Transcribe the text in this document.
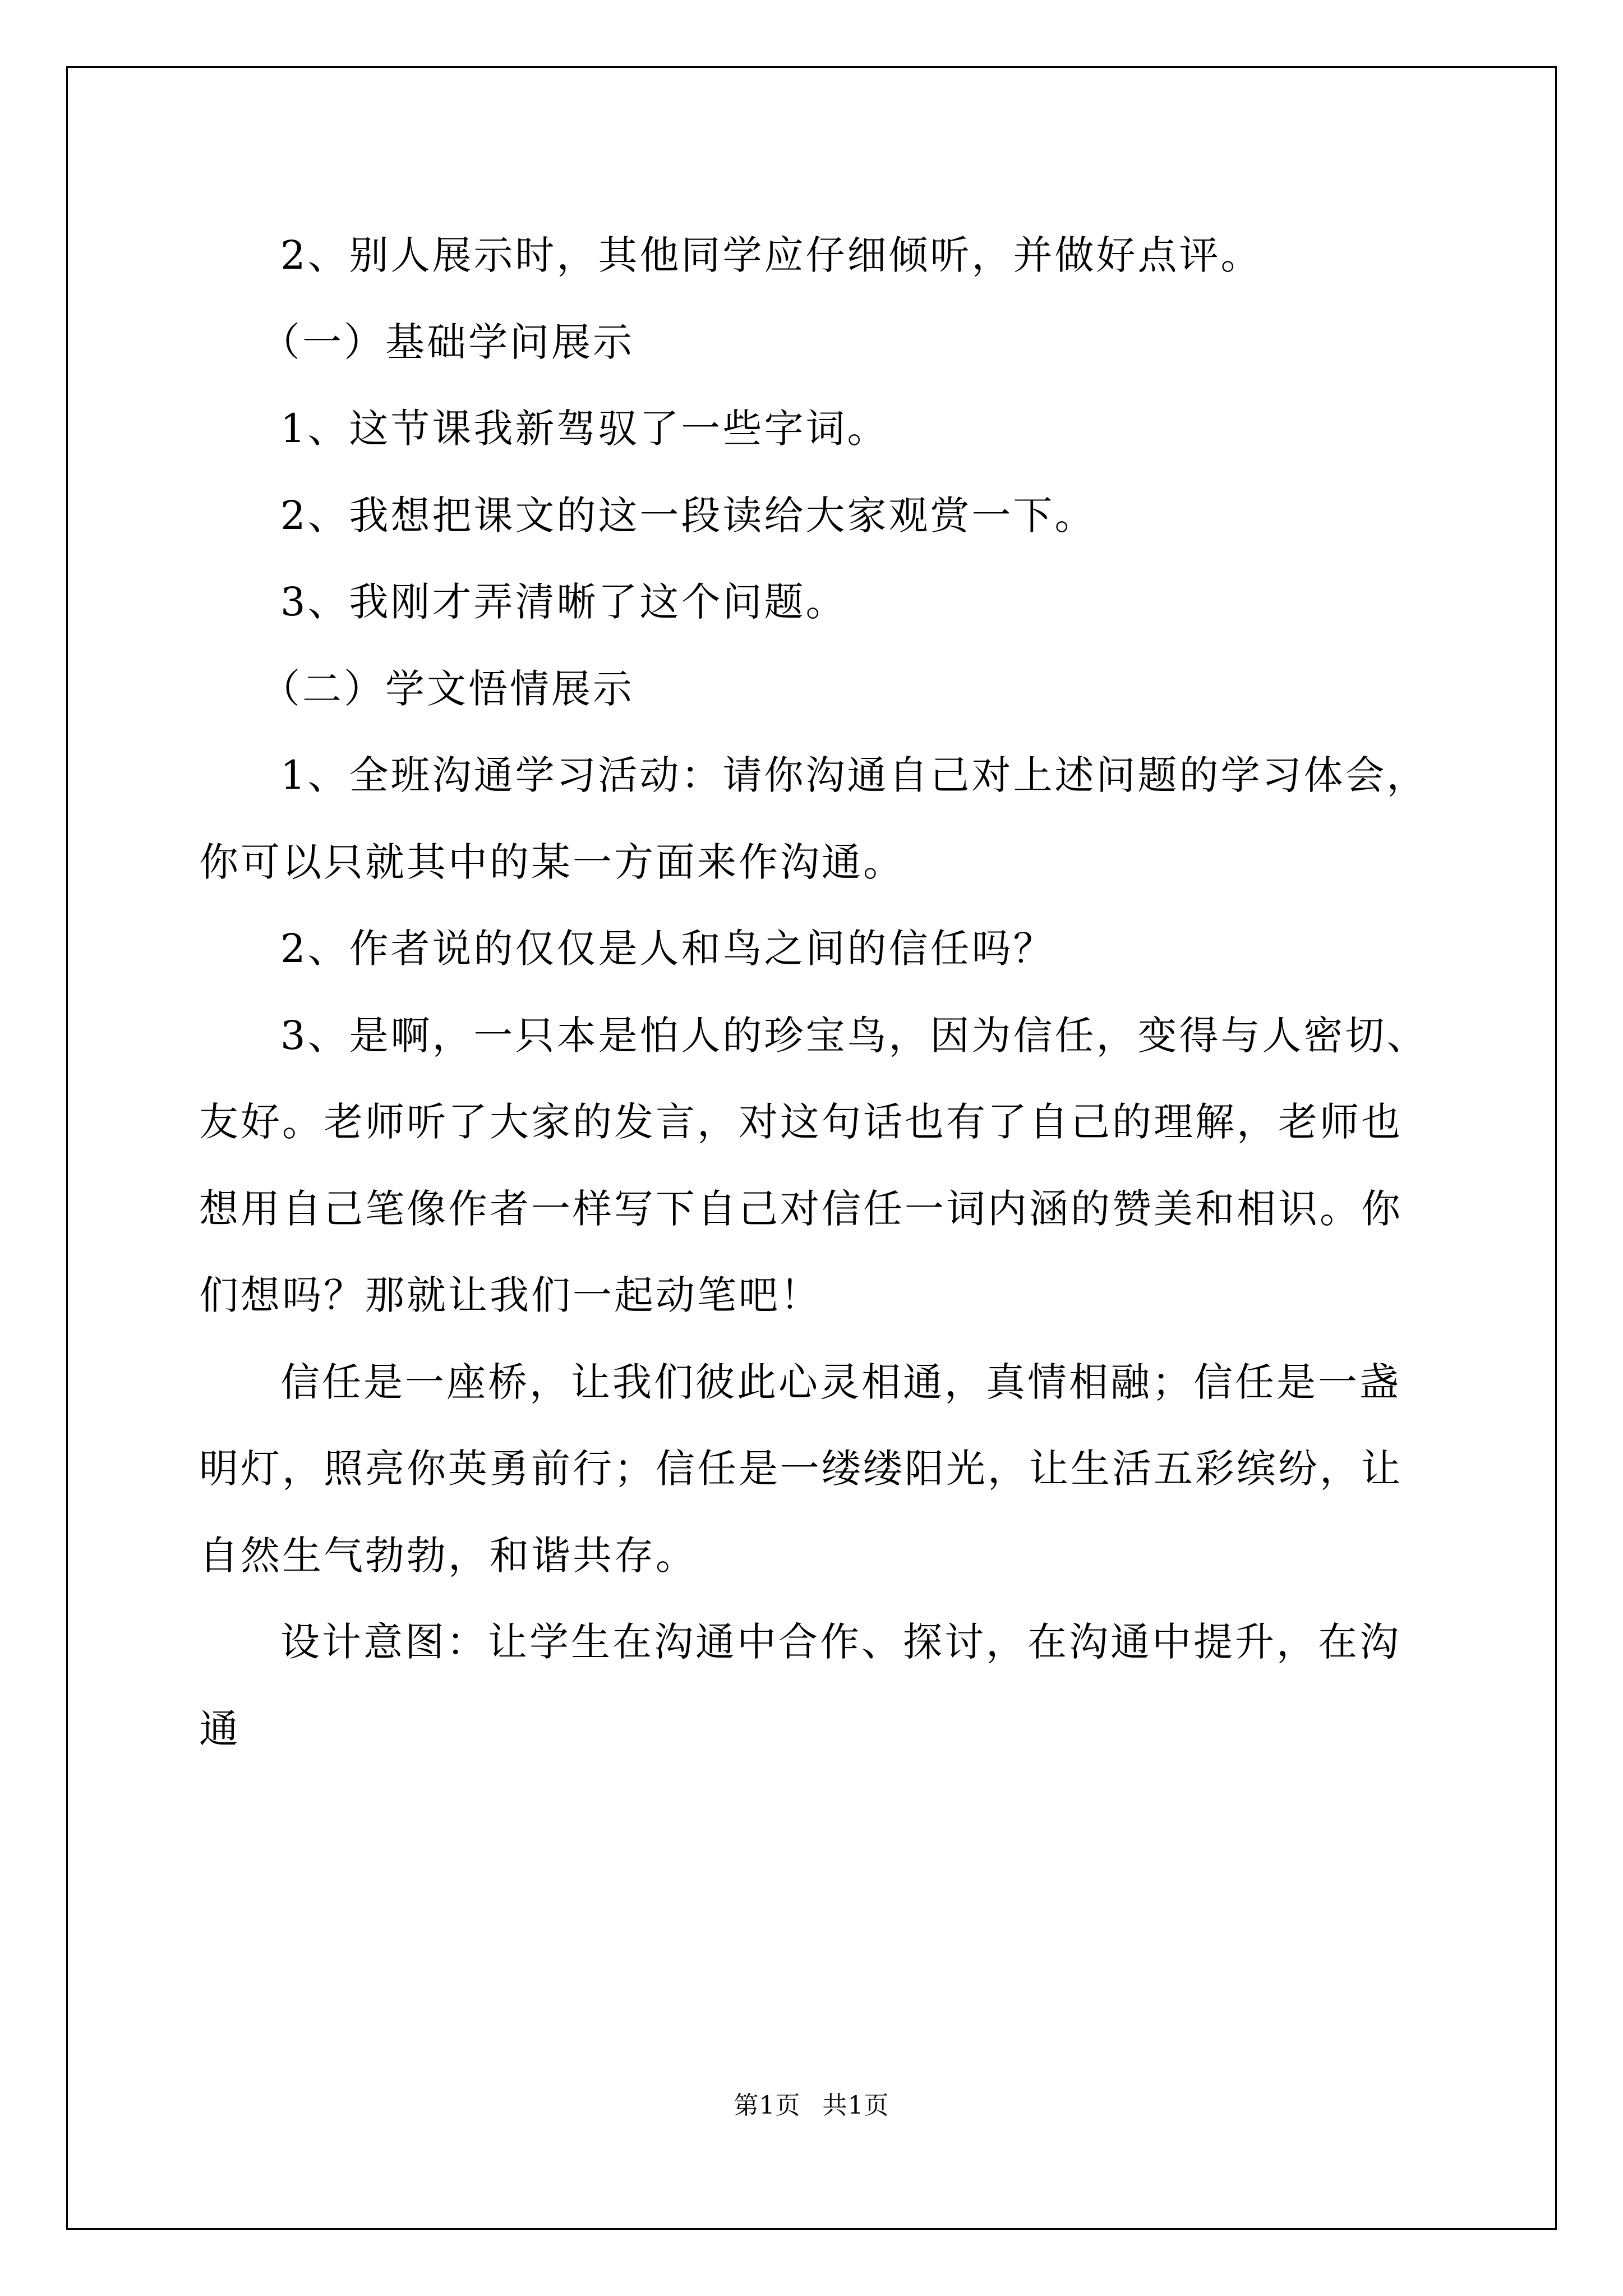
2、别人展示时，其他同学应仔细倾听，并做好点评。

（一）基础学问展示

1、这节课我新驾驭了一些字词。

2、我想把课文的这一段读给大家观赏一下。

3、我刚才弄清晰了这个问题。

（二）学文悟情展示

1、全班沟通学习活动：请你沟通自己对上述问题的学习体会，你可以只就其中的某一方面来作沟通。

2、作者说的仅仅是人和鸟之间的信任吗？

3、是啊，一只本是怕人的珍宝鸟，因为信任，变得与人密切、友好。老师听了大家的发言，对这句话也有了自己的理解，老师也想用自己笔像作者一样写下自己对信任一词内涵的赞美和相识。你们想吗？那就让我们一起动笔吧！

信任是一座桥，让我们彼此心灵相通，真情相融；信任是一盏明灯，照亮你英勇前行；信任是一缕缕阳光，让生活五彩缤纷，让自然生气勃勃，和谐共存。

设计意图：让学生在沟通中合作、探讨，在沟通中提升，在沟通

第1页 共1页
